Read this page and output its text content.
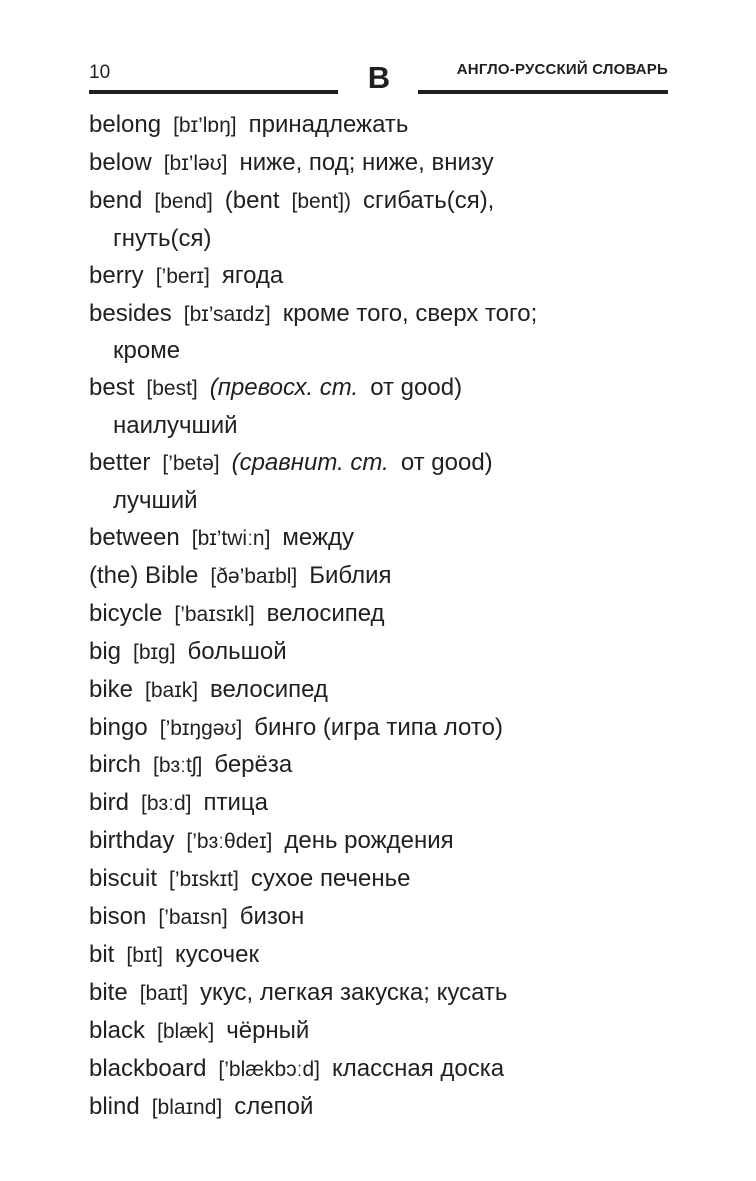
10	B	АНГЛО-РУССКИЙ СЛОВАРЬ
belong [bɪ’lɒŋ] принадлежать
below [bɪ’ləʊ] ниже, под; ниже, внизу
bend [bend] (bent [bent]) сгибать(ся),
гнуть(ся)
berry [’berɪ] ягода
besides [bɪ’saɪdz] кроме того, сверх того;
кроме
best [best] (превосх. ст. от good)
наилучший
better [’betə] (сравнит. ст. от good)
лучший
between [bɪ’twiːn] между
(the) Bible [ðə’baɪbl] Библия
bicycle [’baɪsɪkl] велосипед
big [bɪg] большой
bike [baɪk] велосипед
bingo [’bɪŋgəʊ] бинго (игра типа лото)
birch [bɜːtʃ] берёза
bird [bɜːd] птица
birthday [’bɜːθdeɪ] день рождения
biscuit [’bɪskɪt] сухое печенье
bison [’baɪsn] бизон
bit [bɪt] кусочек
bite [baɪt] укус, легкая закуска; кусать
black [blæk] чёрный
blackboard [’blækbɔːd] классная доска
blind [blaɪnd] слепой
